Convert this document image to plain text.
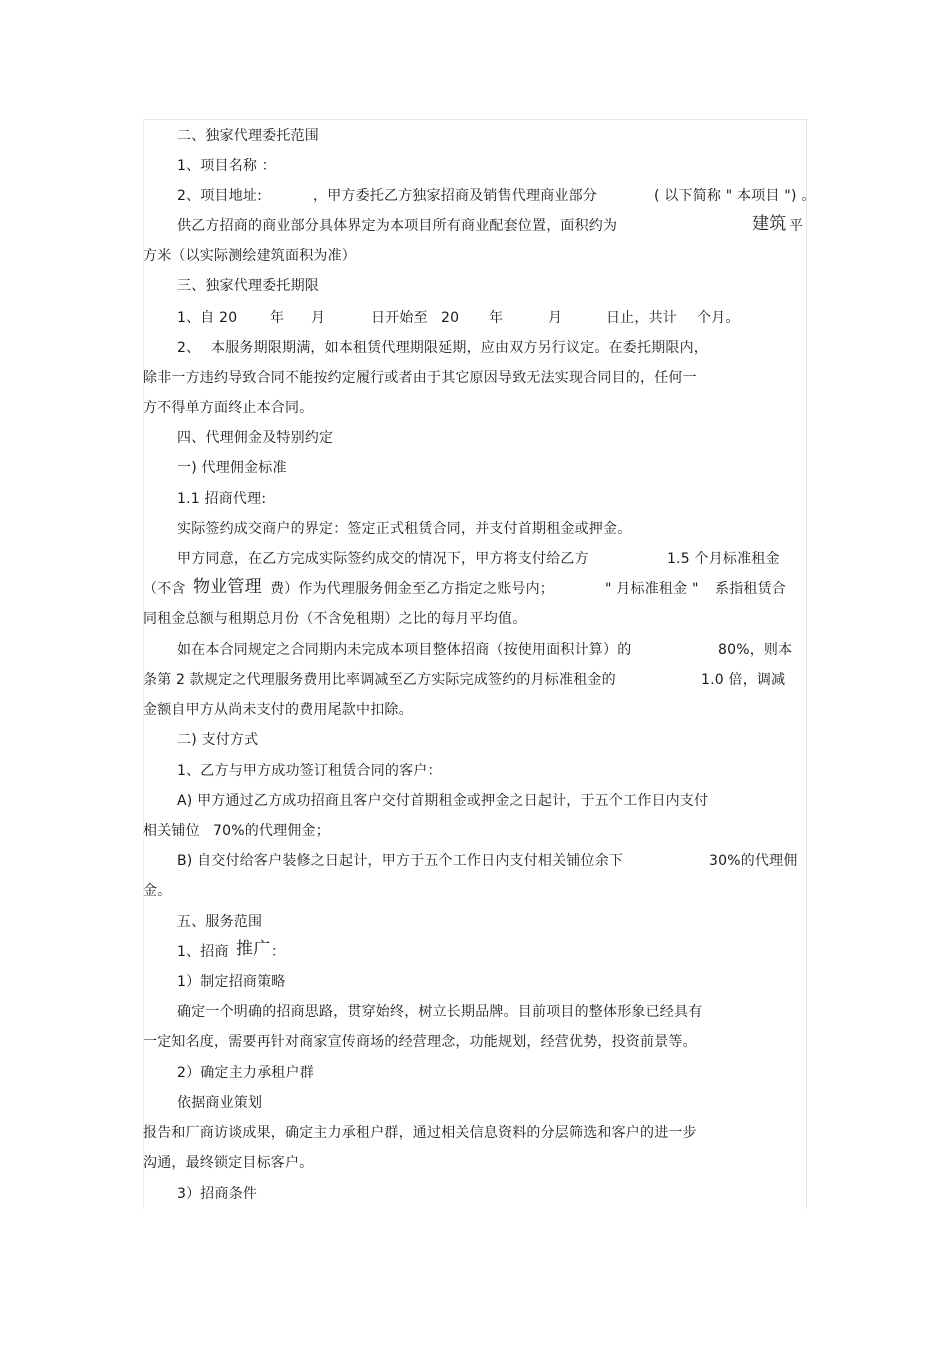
二、独家代理委托范围
1、项目名称 ：
2、项目地址:	，甲方委托乙方独家招商及销售代理商业部分	( 以下简称 " 本项目 ") 。
供乙方招商的商业部分具体界定为本项目所有商业配套位置，面积约为	建筑 平
方米（以实际测绘建筑面积为准）
三、独家代理委托期限
1、自 20 年 月	日开始至 20 年	月	日止，共计 个月。
2、 本服务期限期满，如本租赁代理期限延期，应由双方另行议定。在委托期限内，
除非一方违约导致合同不能按约定履行或者由于其它原因导致无法实现合同目的，任何一
方不得单方面终止本合同。
四、代理佣金及特别约定
一) 代理佣金标准
1.1 招商代理:
实际签约成交商户的界定：签定正式租赁合同，并支付首期租金或押金。
甲方同意，在乙方完成实际签约成交的情况下，甲方将支付给乙方	1.5 个月标准租金
（不含 物业管理 费）作为代理服务佣金至乙方指定之账号内；	" 月标准租金 " 系指租赁合
同租金总额与租期总月份（不含免租期）之比的每月平均值。
如在本合同规定之合同期内未完成本项目整体招商（按使用面积计算）的	80%，则本
条第 2 款规定之代理服务费用比率调减至乙方实际完成签约的月标准租金的	1.0 倍，调减
金额自甲方从尚未支付的费用尾款中扣除。
二) 支付方式
1、乙方与甲方成功签订租赁合同的客户：
A) 甲方通过乙方成功招商且客户交付首期租金或押金之日起计，于五个工作日内支付
相关铺位 70%的代理佣金；
B) 自交付给客户装修之日起计，甲方于五个工作日内支付相关铺位余下	30%的代理佣
金。
五、服务范围
1、招商 推广 ：
1）制定招商策略
确定一个明确的招商思路，贯穿始终，树立长期品牌。目前项目的整体形象已经具有
一定知名度，需要再针对商家宣传商场的经营理念，功能规划，经营优势，投资前景等。
2）确定主力承租户群
依据商业策划
报告和厂商访谈成果，确定主力承租户群，通过相关信息资料的分层筛选和客户的进一步
沟通，最终锁定目标客户。
3）招商条件
